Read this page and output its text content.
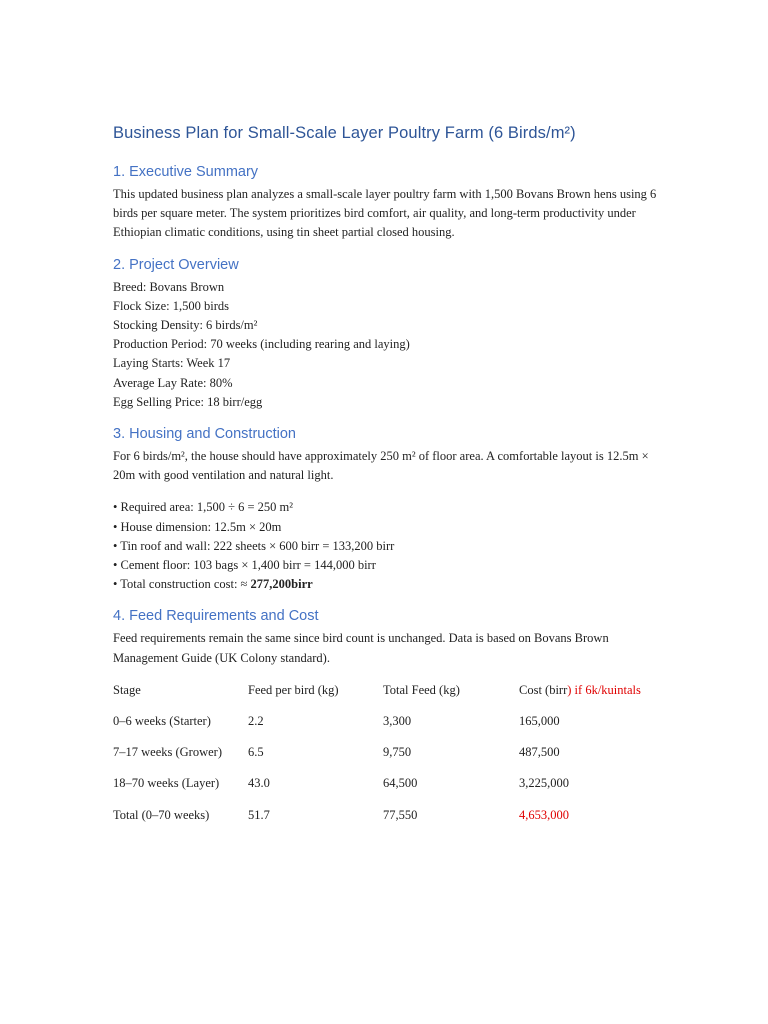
Business Plan for Small-Scale Layer Poultry Farm (6 Birds/m²)
1. Executive Summary

This updated business plan analyzes a small-scale layer poultry farm with 1,500 Bovans Brown hens using 6 birds per square meter. The system prioritizes bird comfort, air quality, and long-term productivity under Ethiopian climatic conditions, using tin sheet partial closed housing.

2. Project Overview
Breed: Bovans Brown
Flock Size: 1,500 birds
Stocking Density: 6 birds/m²
Production Period: 70 weeks (including rearing and laying)
Laying Starts: Week 17
Average Lay Rate: 80%
Egg Selling Price: 18 birr/egg
3. Housing and Construction

For 6 birds/m², the house should have approximately 250 m² of floor area. A comfortable layout is 12.5m × 20m with good ventilation and natural light.

• Required area: 1,500 ÷ 6 = 250 m²
• House dimension: 12.5m × 20m
• Tin roof and wall: 222 sheets × 600 birr = 133,200 birr
• Cement floor: 103 bags × 1,400 birr = 144,000 birr
• Total construction cost: ≈ 277,200birr
4. Feed Requirements and Cost

Feed requirements remain the same since bird count is unchanged. Data is based on Bovans Brown Management Guide (UK Colony standard).

Stage	Feed per bird (kg)	Total Feed (kg)	Cost (birr) if 6k/kuintals
0–6 weeks (Starter)	2.2	3,300	165,000
7–17 weeks (Grower)	6.5	9,750	487,500
18–70 weeks (Layer)	43.0	64,500	3,225,000
Total (0–70 weeks)	51.7	77,550	4,653,000
